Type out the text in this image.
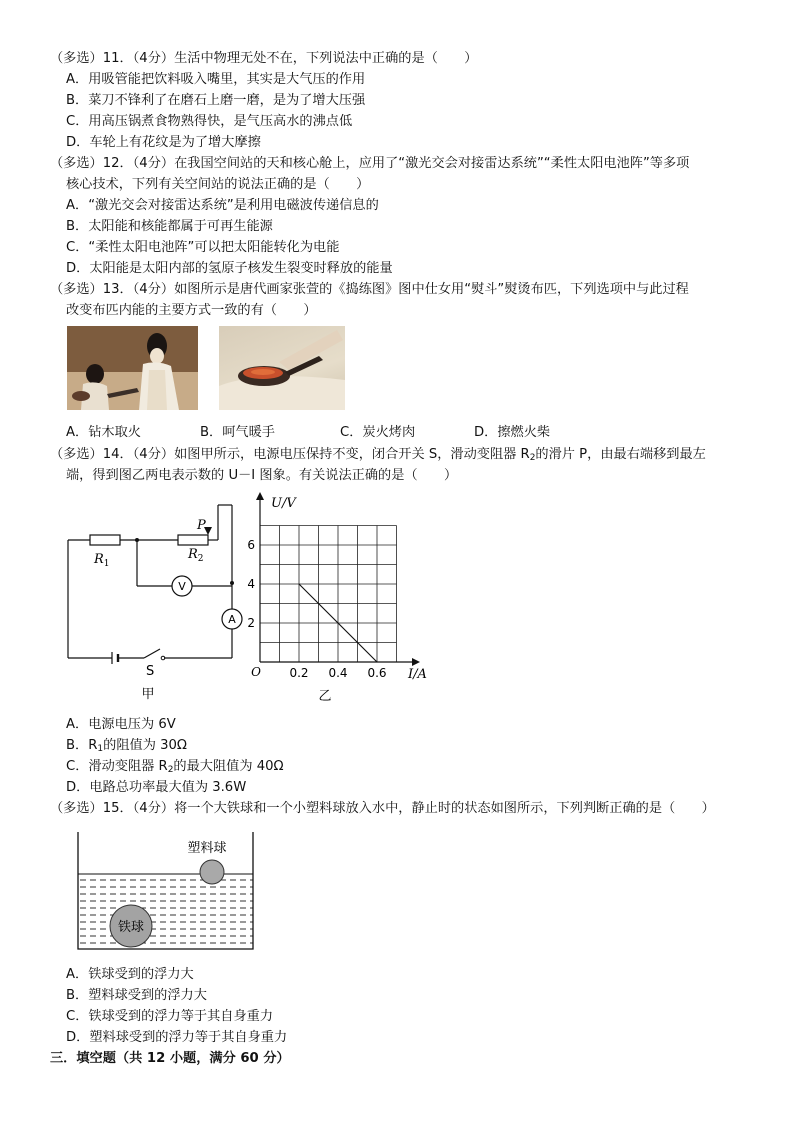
（多选）11．（4分）生活中物理无处不在，下列说法中正确的是（　　）
A．用吸管能把饮料吸入嘴里，其实是大气压的作用
B．菜刀不锋利了在磨石上磨一磨，是为了增大压强
C．用高压锅煮食物熟得快，是气压高水的沸点低
D．车轮上有花纹是为了增大摩擦
（多选）12．（4分）在我国空间站的天和核心舱上，应用了“激光交会对接雷达系统”“柔性太阳电池阵”等多项
核心技术，下列有关空间站的说法正确的是（　　）
A．“激光交会对接雷达系统”是利用电磁波传递信息的
B．太阳能和核能都属于可再生能源
C．“柔性太阳电池阵”可以把太阳能转化为电能
D．太阳能是太阳内部的氢原子核发生裂变时释放的能量
（多选）13．（4分）如图所示是唐代画家张萱的《捣练图》图中仕女用“熨斗”熨烫布匹，下列选项中与此过程
改变布匹内能的主要方式一致的有（　　）
A．钻木取火	B．呵气暖手	C．炭火烤肉	D．擦燃火柴
（多选）14．（4分）如图甲所示，电源电压保持不变，闭合开关 S，滑动变阻器 $R_2$的滑片 P，由最右端移到最左
端，得到图乙两电表示数的 U－I 图象。有关说法正确的是（　　）
P
$R_1$
$R_2$
V
A
S
甲
U/V
I/A
O
6
4
2
0.2 0.4 0.6
乙
A．电源电压为 6V
B．$R_1$的阻值为 30Ω
C．滑动变阻器 $R_2$的最大阻值为 40Ω
D．电路总功率最大值为 3.6W
（多选）15．（4分）将一个大铁球和一个小塑料球放入水中，静止时的状态如图所示，下列判断正确的是（　　）
塑料球
铁球
A．铁球受到的浮力大
B．塑料球受到的浮力大
C．铁球受到的浮力等于其自身重力
D．塑料球受到的浮力等于其自身重力
三．填空题（共 12 小题，满分 60 分）
